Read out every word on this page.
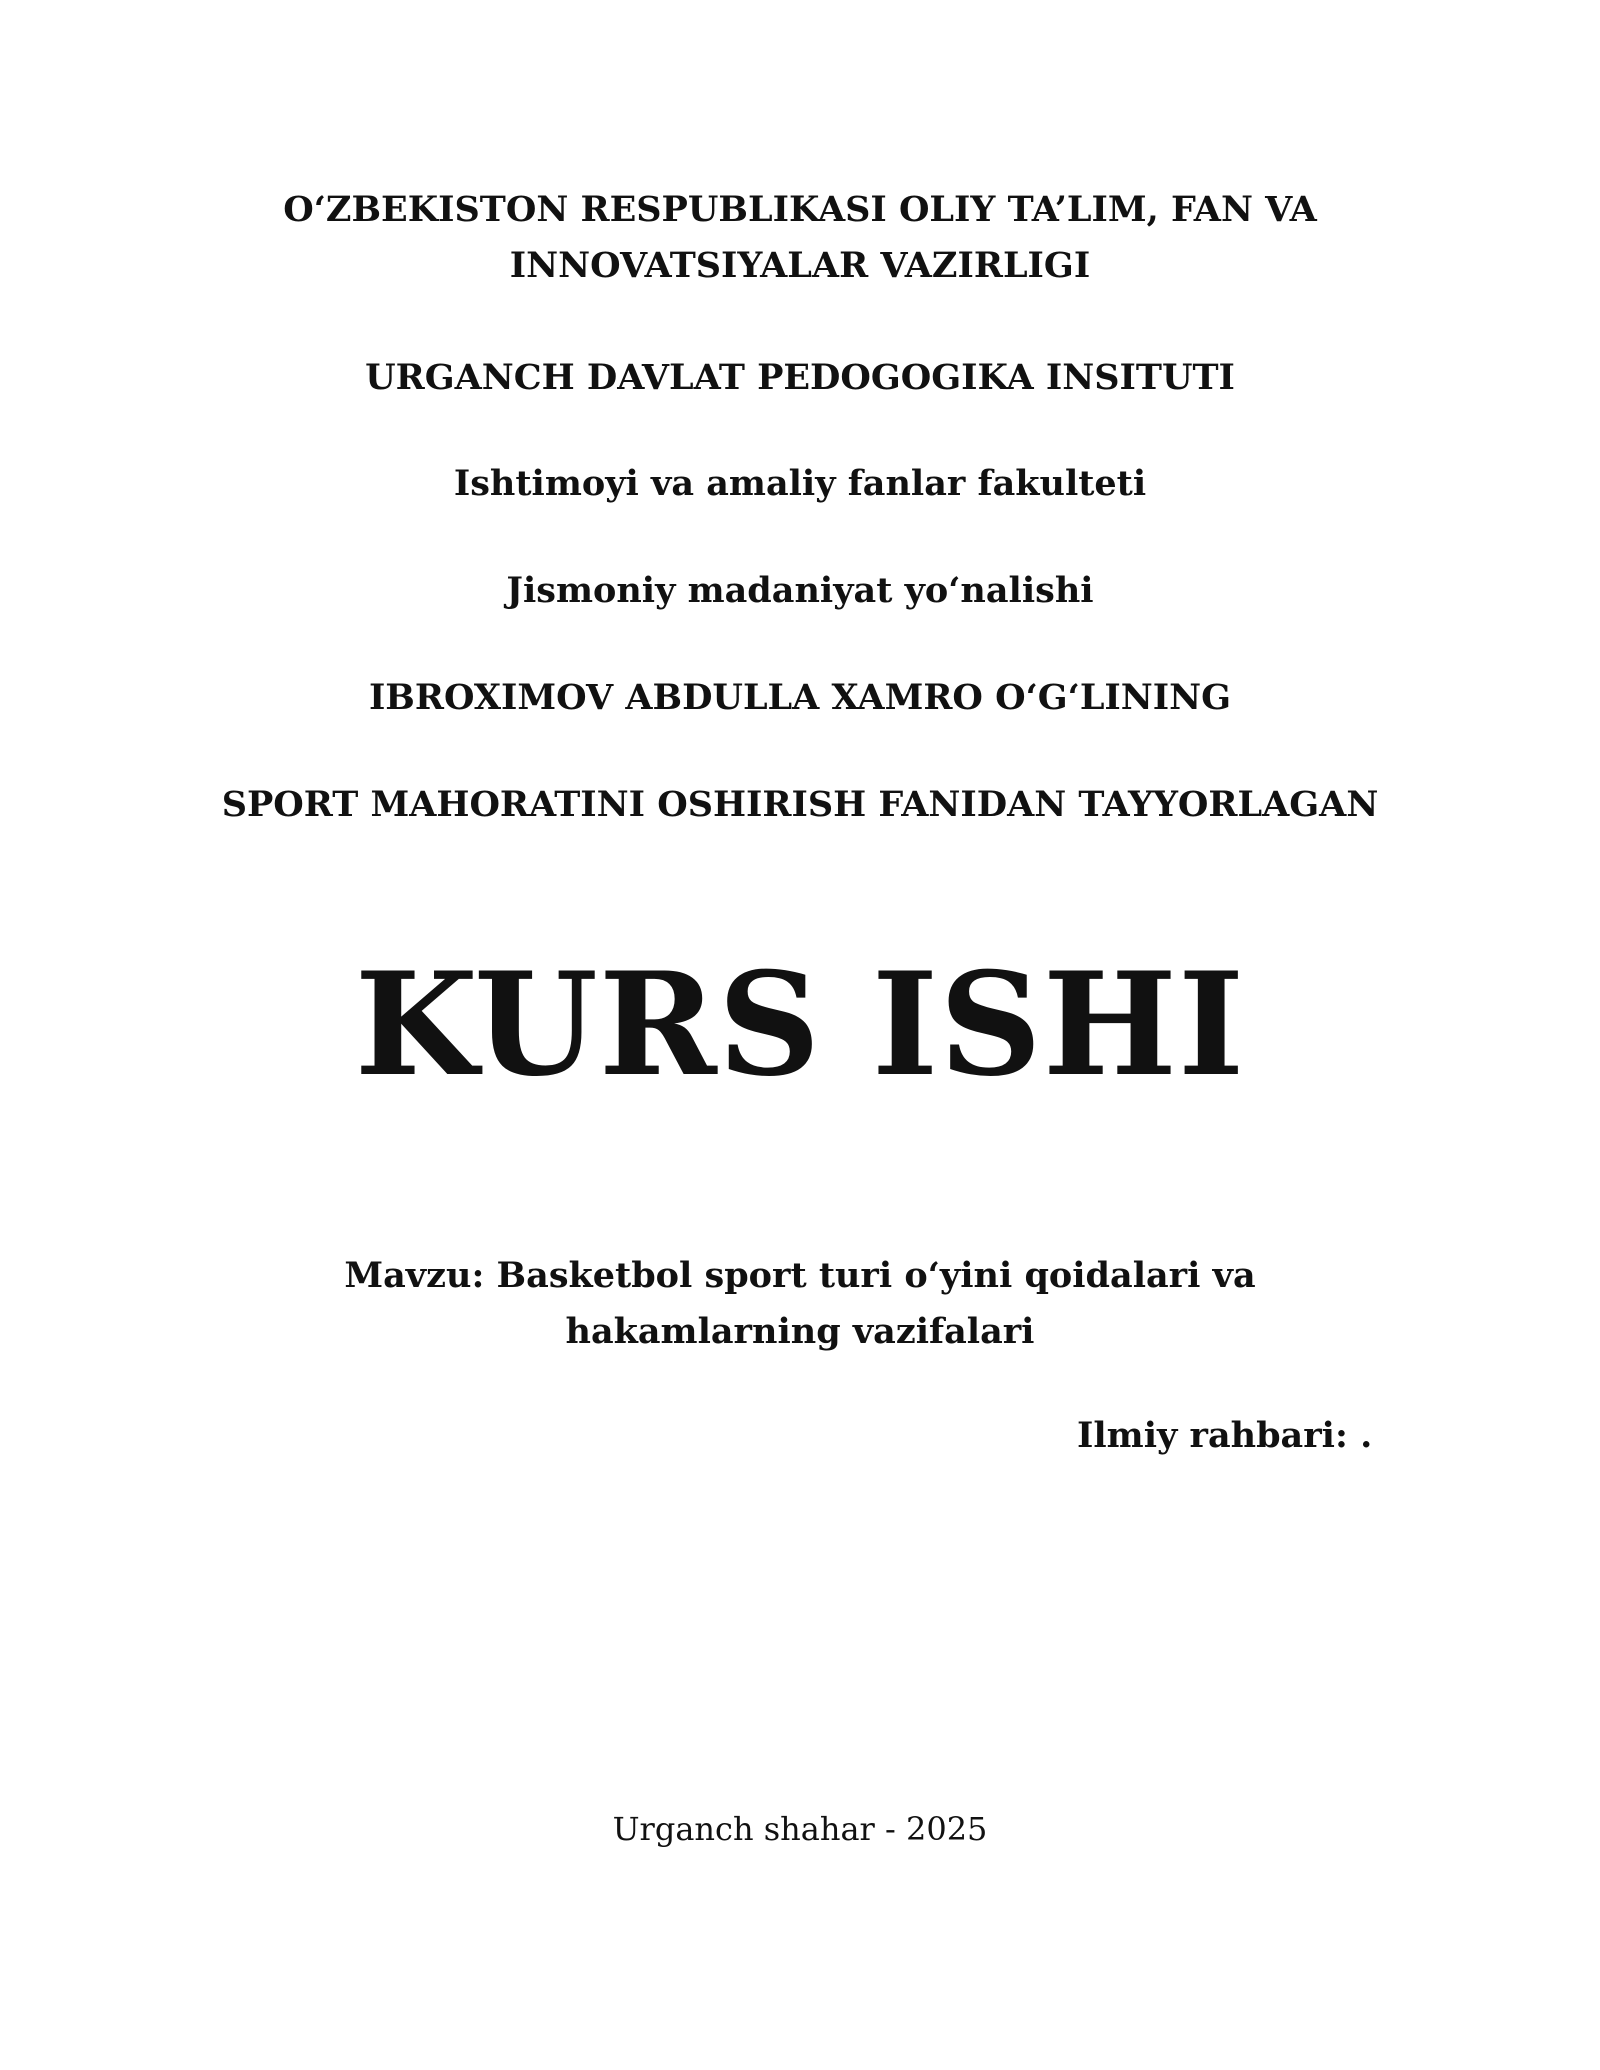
O‘ZBEKISTON RESPUBLIKASI OLIY TA’LIM, FAN VA
INNOVATSIYALAR VAZIRLIGI
URGANCH DAVLAT PEDOGOGIKA INSITUTI
Ishtimoyi va amaliy fanlar fakulteti
Jismoniy madaniyat yo‘nalishi
IBROXIMOV ABDULLA XAMRO O‘G‘LINING
SPORT MAHORATINI OSHIRISH FANIDAN TAYYORLAGAN
KURS ISHI
Mavzu: Basketbol sport turi o‘yini qoidalari va
hakamlarning vazifalari
Ilmiy rahbari: .
Urganch shahar - 2025
